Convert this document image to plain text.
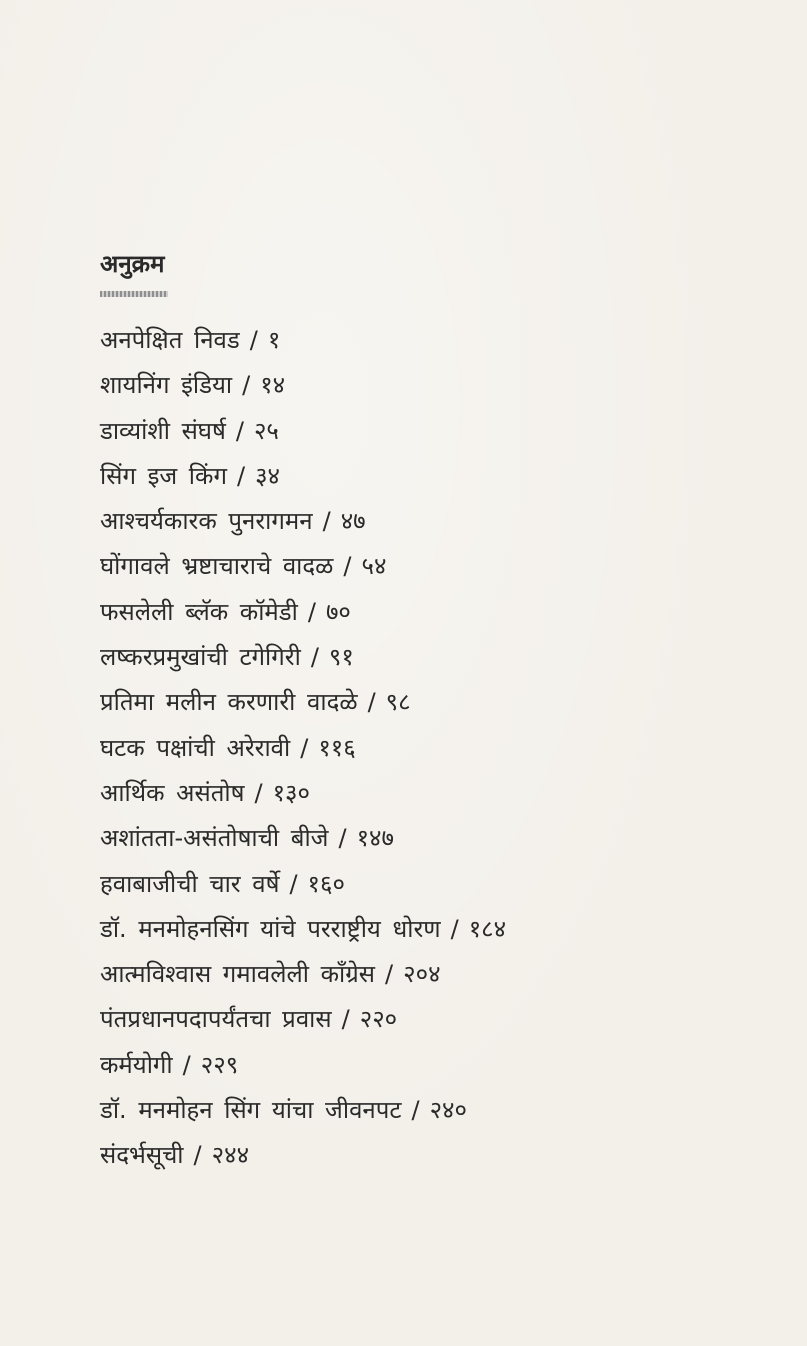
अनुक्रम
अनपेक्षित निवड / १
शायनिंग इंडिया / १४
डाव्यांशी संघर्ष / २५
सिंग इज किंग / ३४
आश्चर्यकारक पुनरागमन / ४७
घोंगावले भ्रष्टाचाराचे वादळ / ५४
फसलेली ब्लॅक कॉमेडी / ७०
लष्करप्रमुखांची टगेगिरी / ९१
प्रतिमा मलीन करणारी वादळे / ९८
घटक पक्षांची अरेरावी / ११६
आर्थिक असंतोष / १३०
अशांतता-असंतोषाची बीजे / १४७
हवाबाजीची चार वर्षे / १६०
डॉ. मनमोहनसिंग यांचे परराष्ट्रीय धोरण / १८४
आत्मविश्वास गमावलेली काँग्रेस / २०४
पंतप्रधानपदापर्यंतचा प्रवास / २२०
कर्मयोगी / २२९
डॉ. मनमोहन सिंग यांचा जीवनपट / २४०
संदर्भसूची / २४४
